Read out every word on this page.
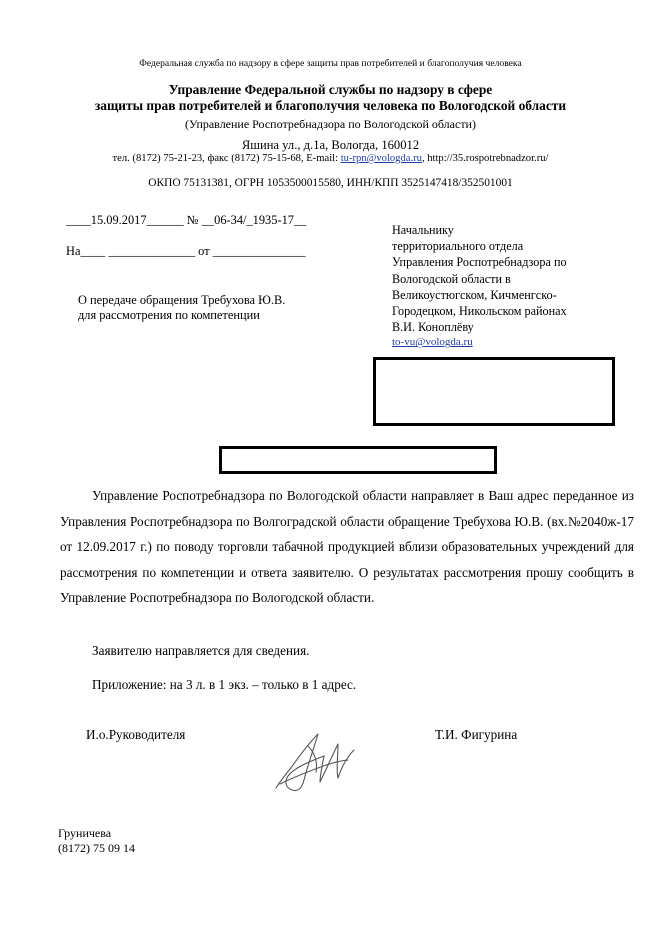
Федеральная служба по надзору в сфере защиты прав потребителей и благополучия человека
Управление Федеральной службы по надзору в сфере
защиты прав потребителей и благополучия человека по Вологодской области
(Управление Роспотребнадзора по Вологодской области)
Яшина ул., д.1а, Вологда, 160012
тел. (8172) 75-21-23, факс (8172) 75-15-68, E-mail: tu-rpn@vologda.ru, http://35.rospotrebnadzor.ru/
ОКПО 75131381, ОГРН 1053500015580, ИНН/КПП 3525147418/352501001
____15.09.2017______ № __06-34/_1935-17__
На____ ______________ от _______________
О передаче обращения Требухова Ю.В.
для рассмотрения по компетенции
Начальнику
территориального отдела
Управления Роспотребнадзора по
Вологодской области в
Великоустюгском, Кичменгско-
Городецком, Никольском районах
В.И. Коноплёву
to-vu@vologda.ru
Управление Роспотребнадзора по Вологодской области направляет в Ваш адрес переданное из Управления Роспотребнадзора по Волгоградской области обращение Требухова Ю.В. (вх.№2040ж-17 от 12.09.2017 г.) по поводу торговли табачной продукцией вблизи образовательных учреждений для рассмотрения по компетенции и ответа заявителю. О результатах рассмотрения прошу сообщить в Управление Роспотребнадзора по Вологодской области.
Заявителю направляется для сведения.
Приложение: на 3 л. в 1 экз. – только в 1 адрес.
И.о.Руководителя	Т.И. Фигурина
Груничева
(8172) 75 09 14
